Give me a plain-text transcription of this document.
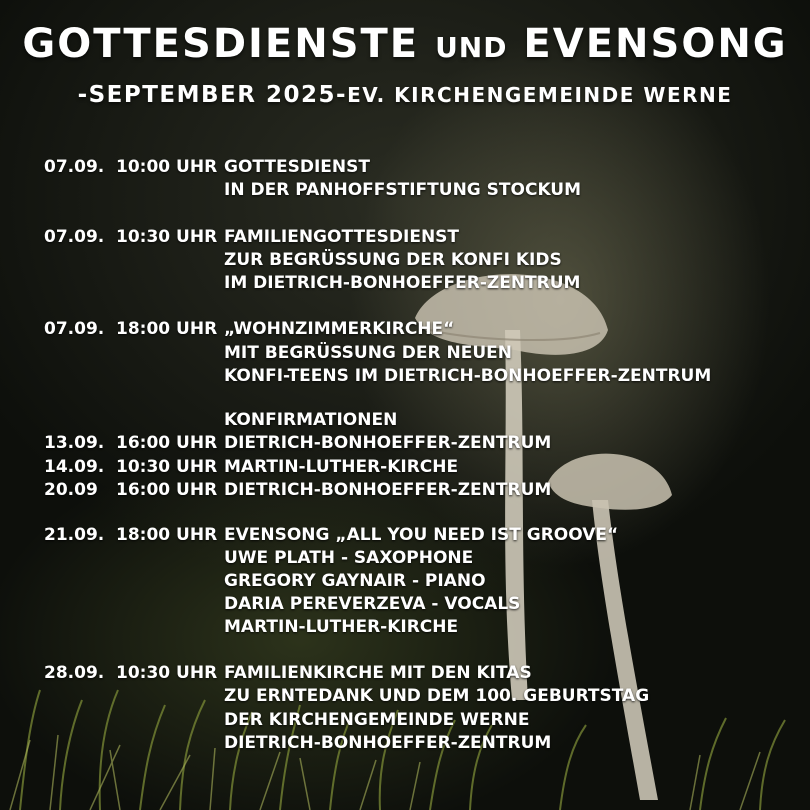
GOTTESDIENSTE UND EVENSONG
-SEPTEMBER 2025-EV. KIRCHENGEMEINDE WERNE
07.09. 10:00 UHR GOTTESDIENST
IN DER PANHOFFSTIFTUNG STOCKUM
07.09. 10:30 UHR FAMILIENGOTTESDIENST
ZUR BEGRÜSSUNG DER KONFI KIDS
IM DIETRICH-BONHOEFFER-ZENTRUM
07.09. 18:00 UHR „WOHNZIMMERKIRCHE“
MIT BEGRÜSSUNG DER NEUEN
KONFI-TEENS IM DIETRICH-BONHOEFFER-ZENTRUM
KONFIRMATIONEN
13.09. 16:00 UHR DIETRICH-BONHOEFFER-ZENTRUM
14.09. 10:30 UHR MARTIN-LUTHER-KIRCHE
20.09 16:00 UHR DIETRICH-BONHOEFFER-ZENTRUM
21.09. 18:00 UHR EVENSONG „ALL YOU NEED IST GROOVE“
UWE PLATH - SAXOPHONE
GREGORY GAYNAIR - PIANO
DARIA PEREVERZEVA - VOCALS
MARTIN-LUTHER-KIRCHE
28.09. 10:30 UHR FAMILIENKIRCHE MIT DEN KITAS
ZU ERNTEDANK UND DEM 100. GEBURTSTAG
DER KIRCHENGEMEINDE WERNE
DIETRICH-BONHOEFFER-ZENTRUM
